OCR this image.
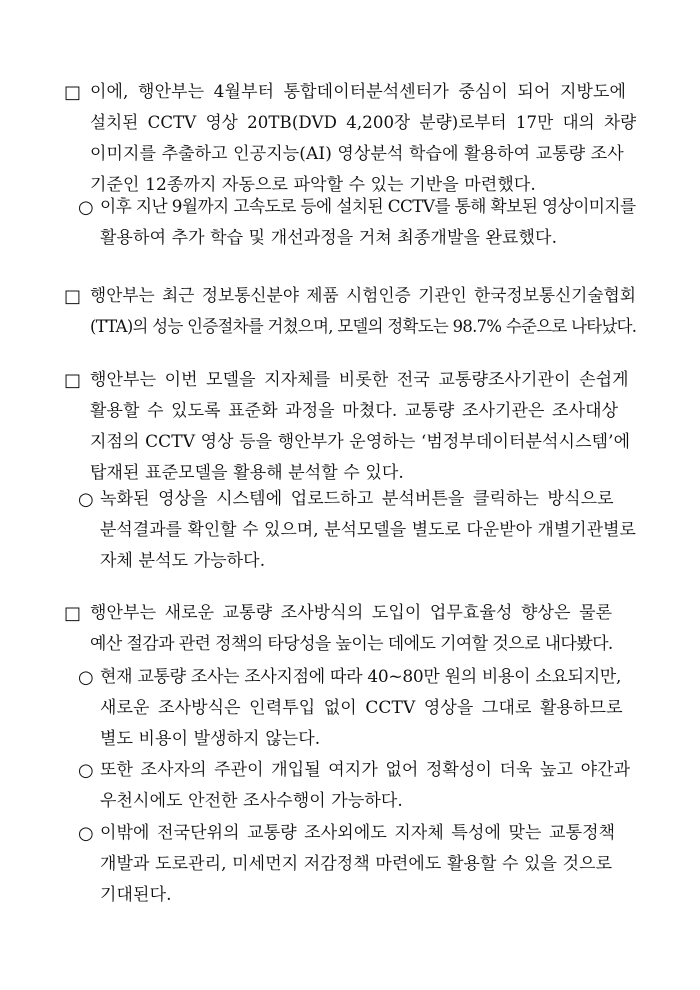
□ 이에, 행안부는 4월부터 통합데이터분석센터가 중심이 되어 지방도에
설치된 CCTV 영상 20TB(DVD 4,200장 분량)로부터 17만 대의 차량
이미지를 추출하고 인공지능(AI) 영상분석 학습에 활용하여 교통량 조사
기준인 12종까지 자동으로 파악할 수 있는 기반을 마련했다.
○ 이후 지난 9월까지 고속도로 등에 설치된 CCTV를 통해 확보된 영상이미지를
활용하여 추가 학습 및 개선과정을 거쳐 최종개발을 완료했다.
□ 행안부는 최근 정보통신분야 제품 시험인증 기관인 한국정보통신기술협회
(TTA)의 성능 인증절차를 거쳤으며, 모델의 정확도는 98.7% 수준으로 나타났다.
□ 행안부는 이번 모델을 지자체를 비롯한 전국 교통량조사기관이 손쉽게
활용할 수 있도록 표준화 과정을 마쳤다. 교통량 조사기관은 조사대상
지점의 CCTV 영상 등을 행안부가 운영하는 ‘범정부데이터분석시스템’에
탑재된 표준모델을 활용해 분석할 수 있다.
○ 녹화된 영상을 시스템에 업로드하고 분석버튼을 클릭하는 방식으로
분석결과를 확인할 수 있으며, 분석모델을 별도로 다운받아 개별기관별로
자체 분석도 가능하다.
□ 행안부는 새로운 교통량 조사방식의 도입이 업무효율성 향상은 물론
예산 절감과 관련 정책의 타당성을 높이는 데에도 기여할 것으로 내다봤다.
○ 현재 교통량 조사는 조사지점에 따라 40~80만 원의 비용이 소요되지만,
새로운 조사방식은 인력투입 없이 CCTV 영상을 그대로 활용하므로
별도 비용이 발생하지 않는다.
○ 또한 조사자의 주관이 개입될 여지가 없어 정확성이 더욱 높고 야간과
우천시에도 안전한 조사수행이 가능하다.
○ 이밖에 전국단위의 교통량 조사외에도 지자체 특성에 맞는 교통정책
개발과 도로관리, 미세먼지 저감정책 마련에도 활용할 수 있을 것으로
기대된다.
